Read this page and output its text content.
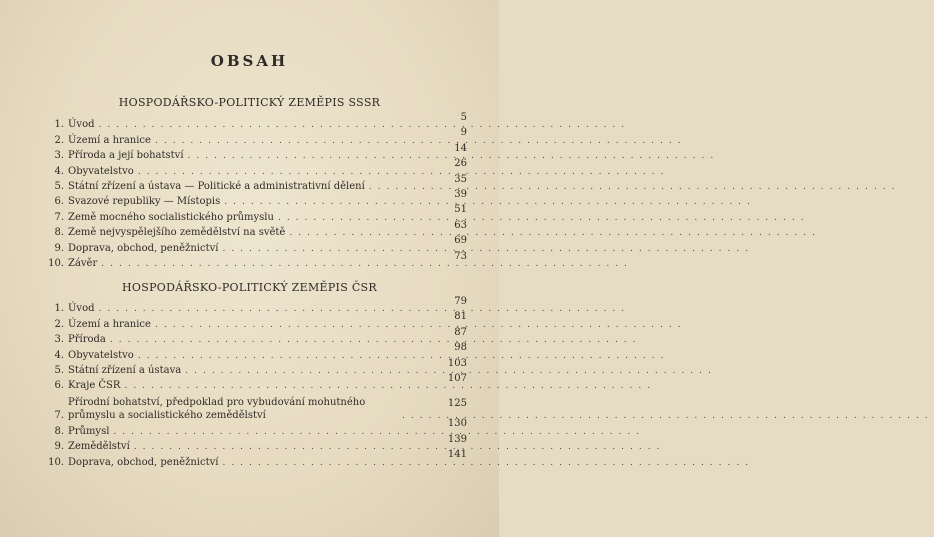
OBSAH
HOSPODÁŘSKO-POLITICKÝ ZEMĚPIS SSSR
1. Úvod ............................................................
5
2. Území a hranice ............................................................
9
3. Příroda a její bohatství ............................................................
14
4. Obyvatelstvo ............................................................
26
5. Státní zřízení a ústava — Politické a administrativní dělení ............................................................
35
6. Svazové republiky — Místopis ............................................................
39
7. Země mocného socialistického průmyslu ............................................................
51
8. Země nejvyspělejšího zemědělství na světě ............................................................
63
9. Doprava, obchod, peněžnictví ............................................................
69
10. Závěr ............................................................
73
HOSPODÁŘSKO-POLITICKÝ ZEMĚPIS ČSR
1. Úvod ............................................................
79
2. Území a hranice ............................................................
81
3. Příroda ............................................................
87
4. Obyvatelstvo ............................................................
98
5. Státní zřízení a ústava ............................................................
103
6. Kraje ČSR ............................................................
107
7.
Přírodní bohatství, předpoklad pro vybudování mohutného průmyslu a socialistického zemědělství	............................................................
125
8. Průmysl ............................................................
130
9. Zemědělství ............................................................
139
10. Doprava, obchod, peněžnictví ............................................................
141
